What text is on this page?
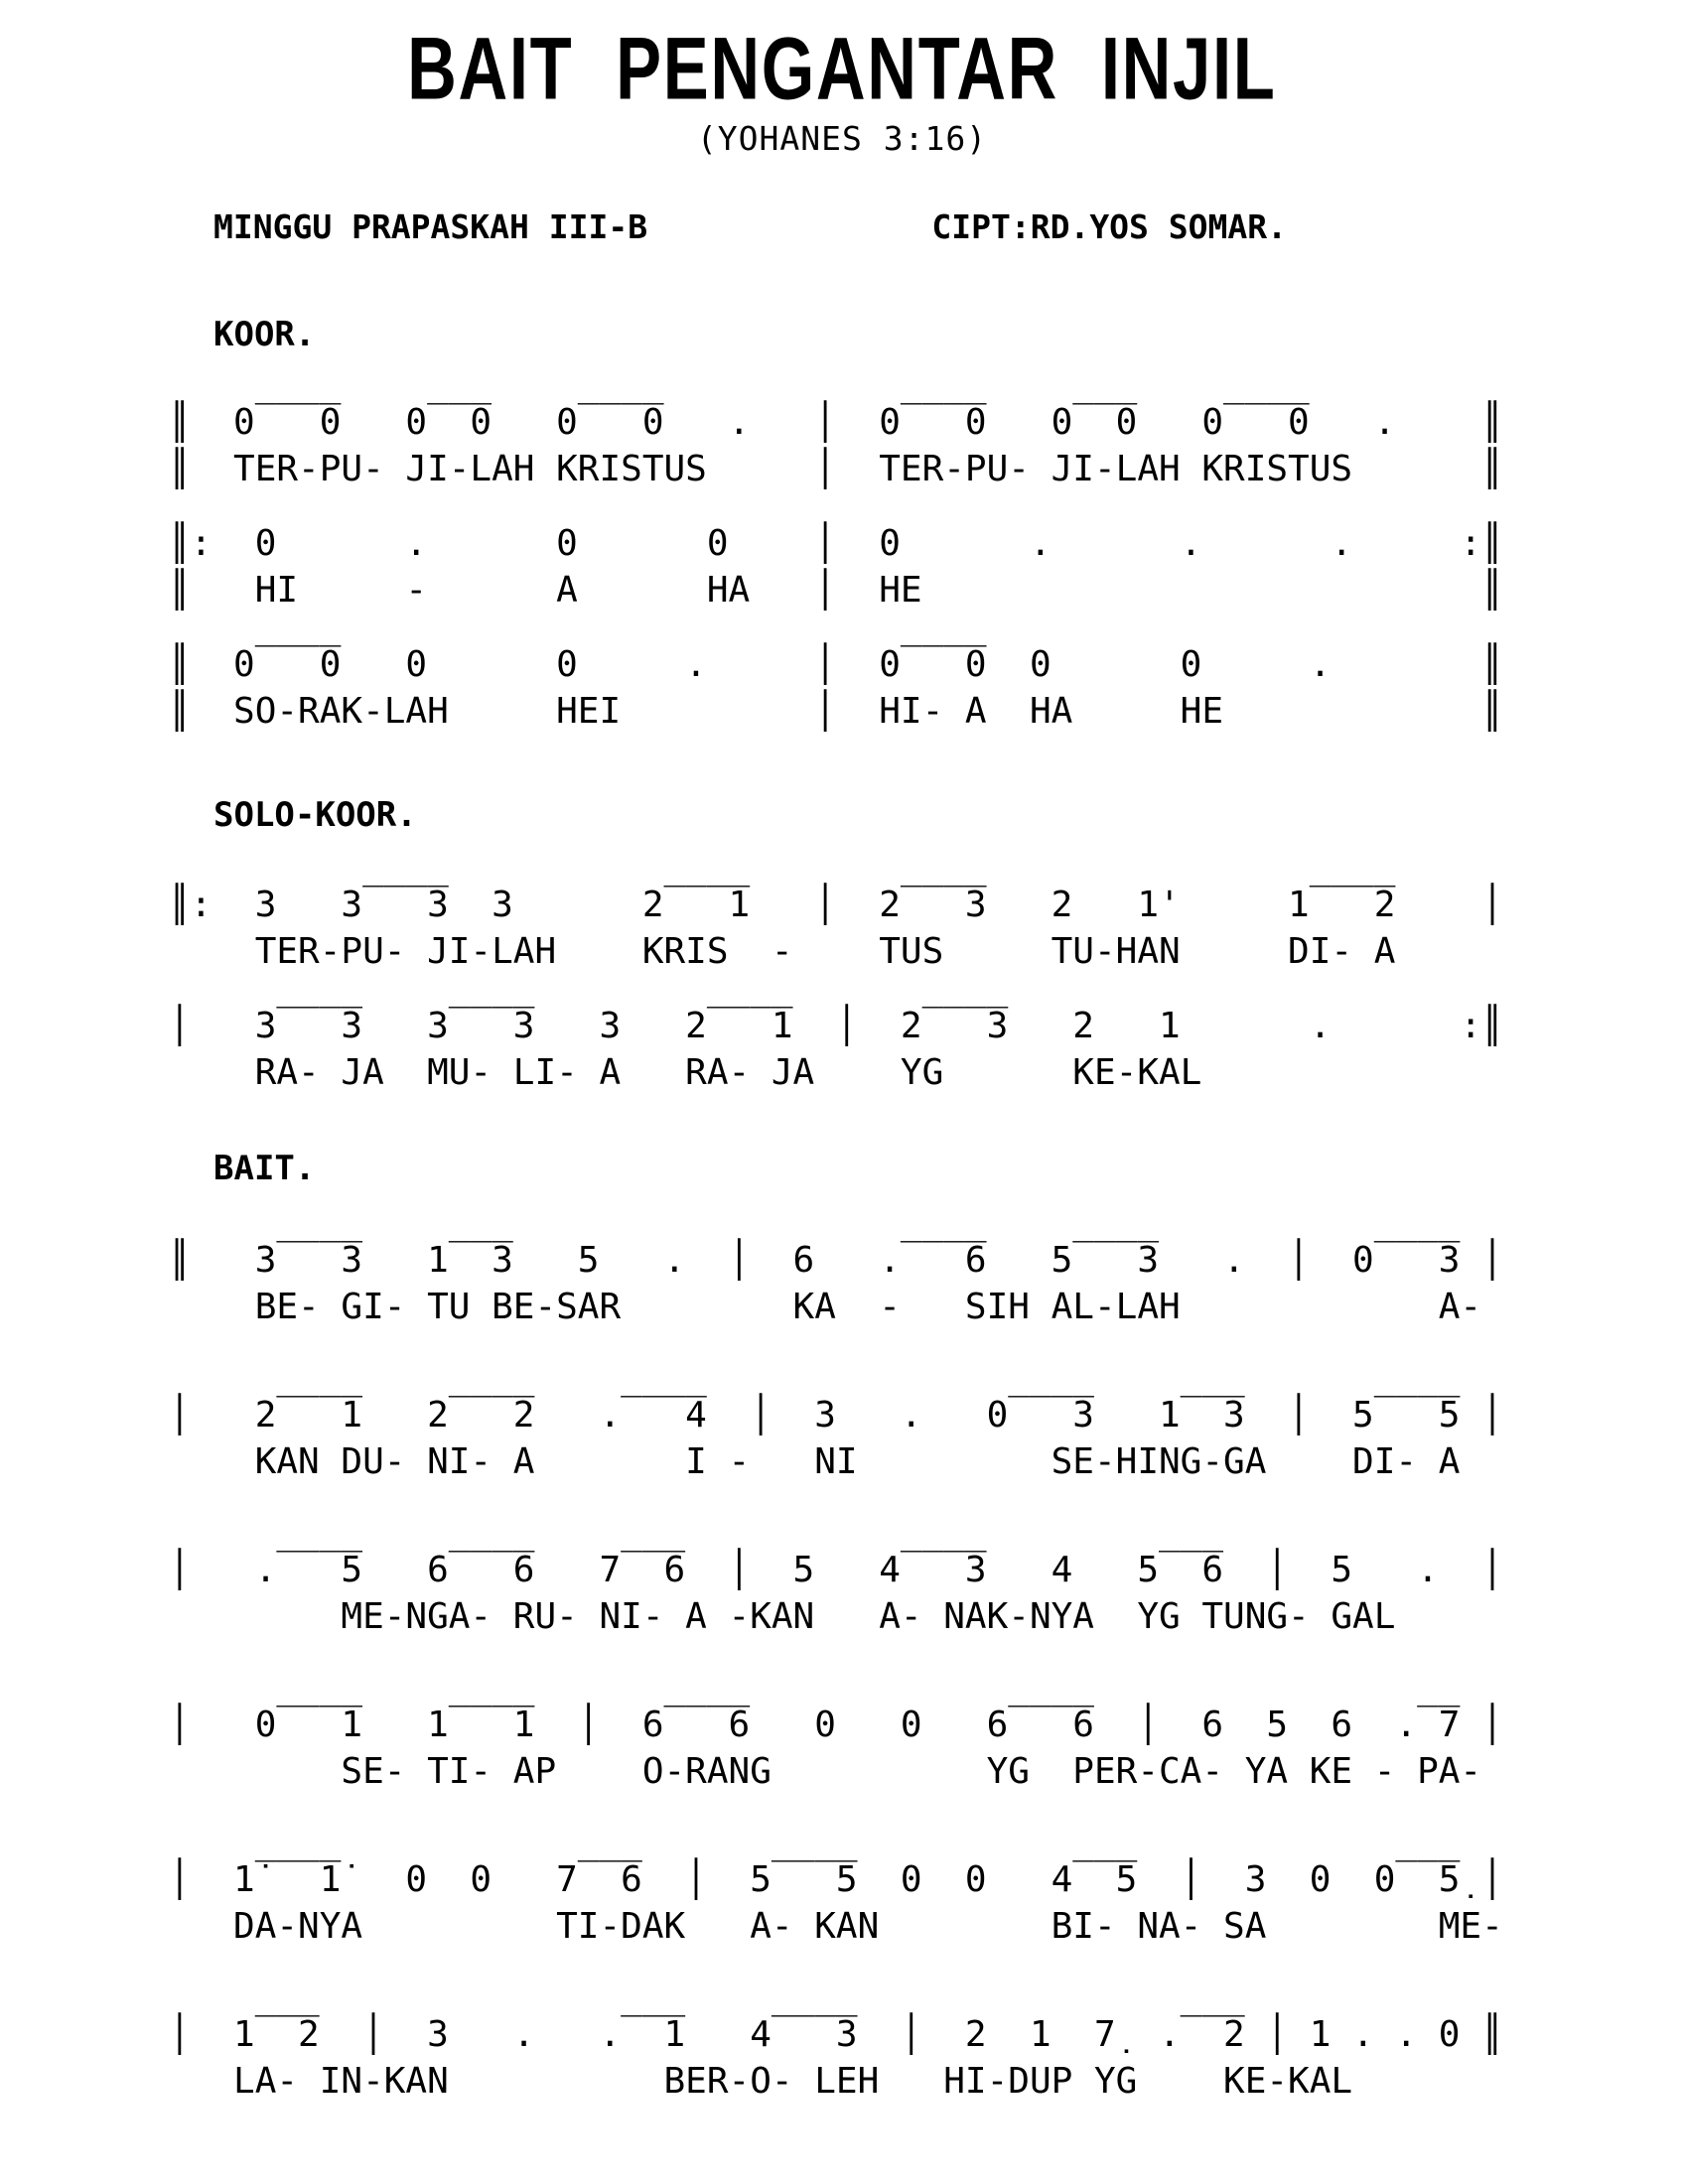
BAIT PENGANTAR INJIL
(YOHANES 3:16)
MINGGU PRAPASKAH III-B	CIPT:RD.YOS SOMAR.
KOOR.
____    ___    ____           ____    ___    ____
║  0   0   0  0   0   0   .   │  0   0   0  0   0   0   .    ║
║  TER-PU- JI-LAH KRISTUS     │  TER-PU- JI-LAH KRISTUS      ║

║:  0      .      0      0    │  0      .      .      .     :║
║   HI     -      A      HA   │  HE                          ║
____                          ____
║  0   0   0      0     .     │  0   0  0      0     .       ║
║  SO-RAK-LAH     HEI         │  HI- A  HA     HE            ║
SOLO-KOOR.
____          ____       ____               ____
║:  3   3   3  3      2   1   │  2   3   2   1'     1   2    │
TER-PU- JI-LAH    KRIS  -    TUS     TU-HAN     DI- A
____    ____        ____      ____
│   3   3   3   3   3   2   1  │  2   3   2   1      .      :║
RA- JA  MU- LI- A   RA- JA    YG      KE-KAL
BAIT.
____    ___                  ____    ____          ____
║   3   3   1  3   5   .  │  6   .   6   5   3   .  │  0   3 │
BE- GI- TU BE-SAR        KA  -   SIH AL-LAH            A-
____    ____    ____              ____    ___      ____
│   2   1   2   2   .   4  │  3   .   0   3   1  3  │  5   5 │
KAN DU- NI- A       I -   NI         SE-HING-GA    DI- A
____    ____    ___          ____        ___
│   .   5   6   6   7  6  │  5   4   3   4   5  6  │  5   .  │
ME-NGA- RU- NI- A -KAN   A- NAK-NYA  YG TUNG- GAL
____    ____      ____            ____               __
│   0   1   1   1  │  6   6   0   0   6   6  │  6  5  6  . 7 │
SE- TI- AP    O-RANG          YG  PER-CA- YA KE - PA-
____           ___      ____          ___            ___
│  1̇   1̇   0  0   7  6  │  5   5  0  0   4  5  │  3  0  0  5̣ │
DA-NYA         TI-DAK   A- KAN        BI- NA- SA        ME-
___              ___    ____               ___
│  1  2  │  3   .   .  1   4   3  │  2  1  7̣  .  2 │ 1 . . 0 ║
LA- IN-KAN          BER-O- LEH   HI-DUP YG    KE-KAL
